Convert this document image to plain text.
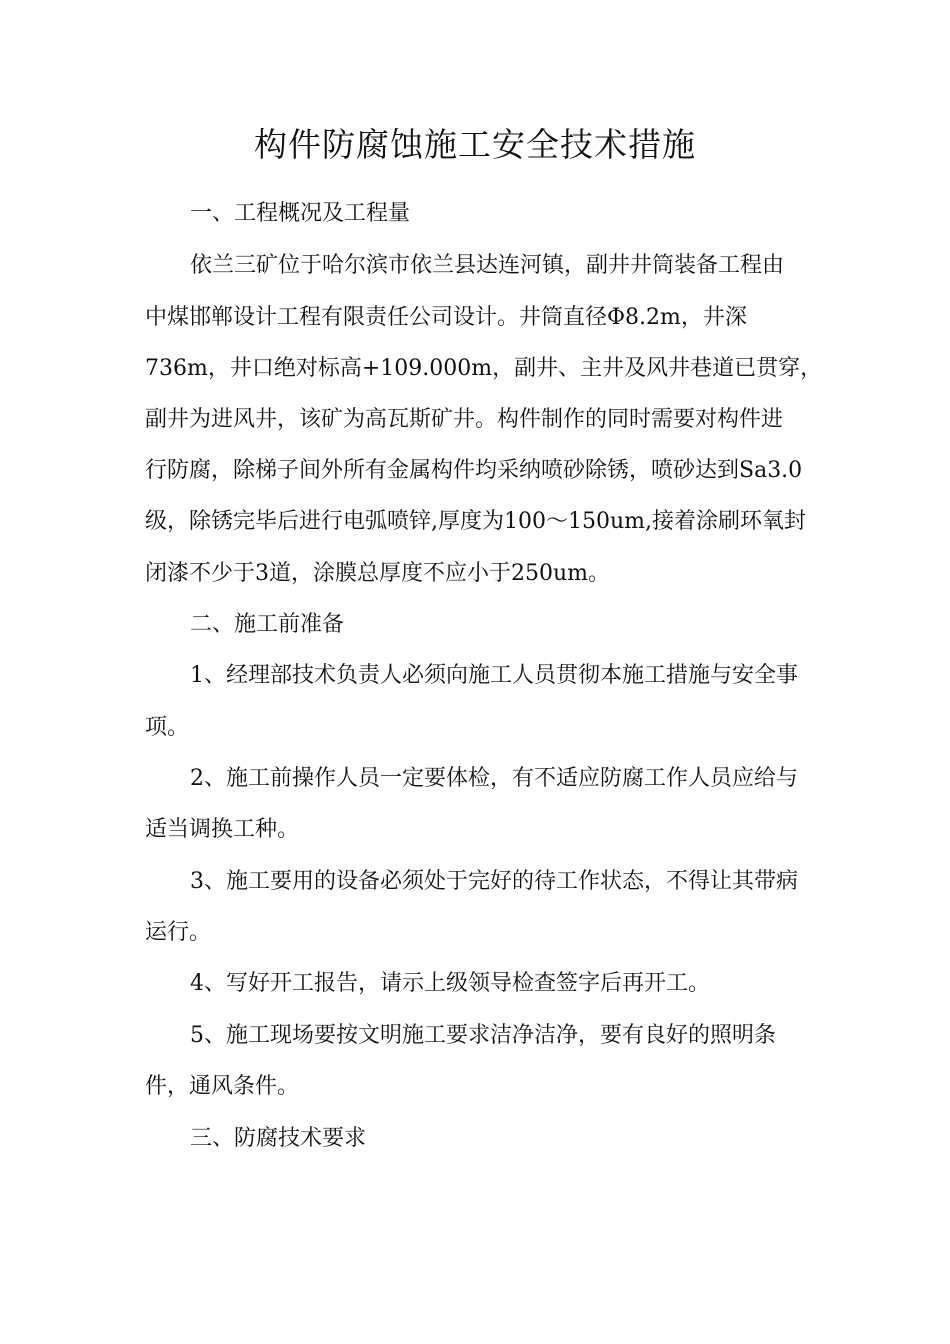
构件防腐蚀施工安全技术措施
一、工程概况及工程量
依兰三矿位于哈尔滨市依兰县达连河镇，副井井筒装备工程由
中煤邯郸设计工程有限责任公司设计。井筒直径Φ8.2m，井深
736m，井口绝对标高+109.000m，副井、主井及风井巷道已贯穿，
副井为进风井，该矿为高瓦斯矿井。构件制作的同时需要对构件进
行防腐，除梯子间外所有金属构件均采纳喷砂除锈，喷砂达到Sa3.0
级，除锈完毕后进行电弧喷锌,厚度为100～150um,接着涂刷环氧封
闭漆不少于3道，涂膜总厚度不应小于250um。
二、施工前准备
1、经理部技术负责人必须向施工人员贯彻本施工措施与安全事
项。
2、施工前操作人员一定要体检，有不适应防腐工作人员应给与
适当调换工种。
3、施工要用的设备必须处于完好的待工作状态，不得让其带病
运行。
4、写好开工报告，请示上级领导检查签字后再开工。
5、施工现场要按文明施工要求洁净洁净，要有良好的照明条
件，通风条件。
三、防腐技术要求
